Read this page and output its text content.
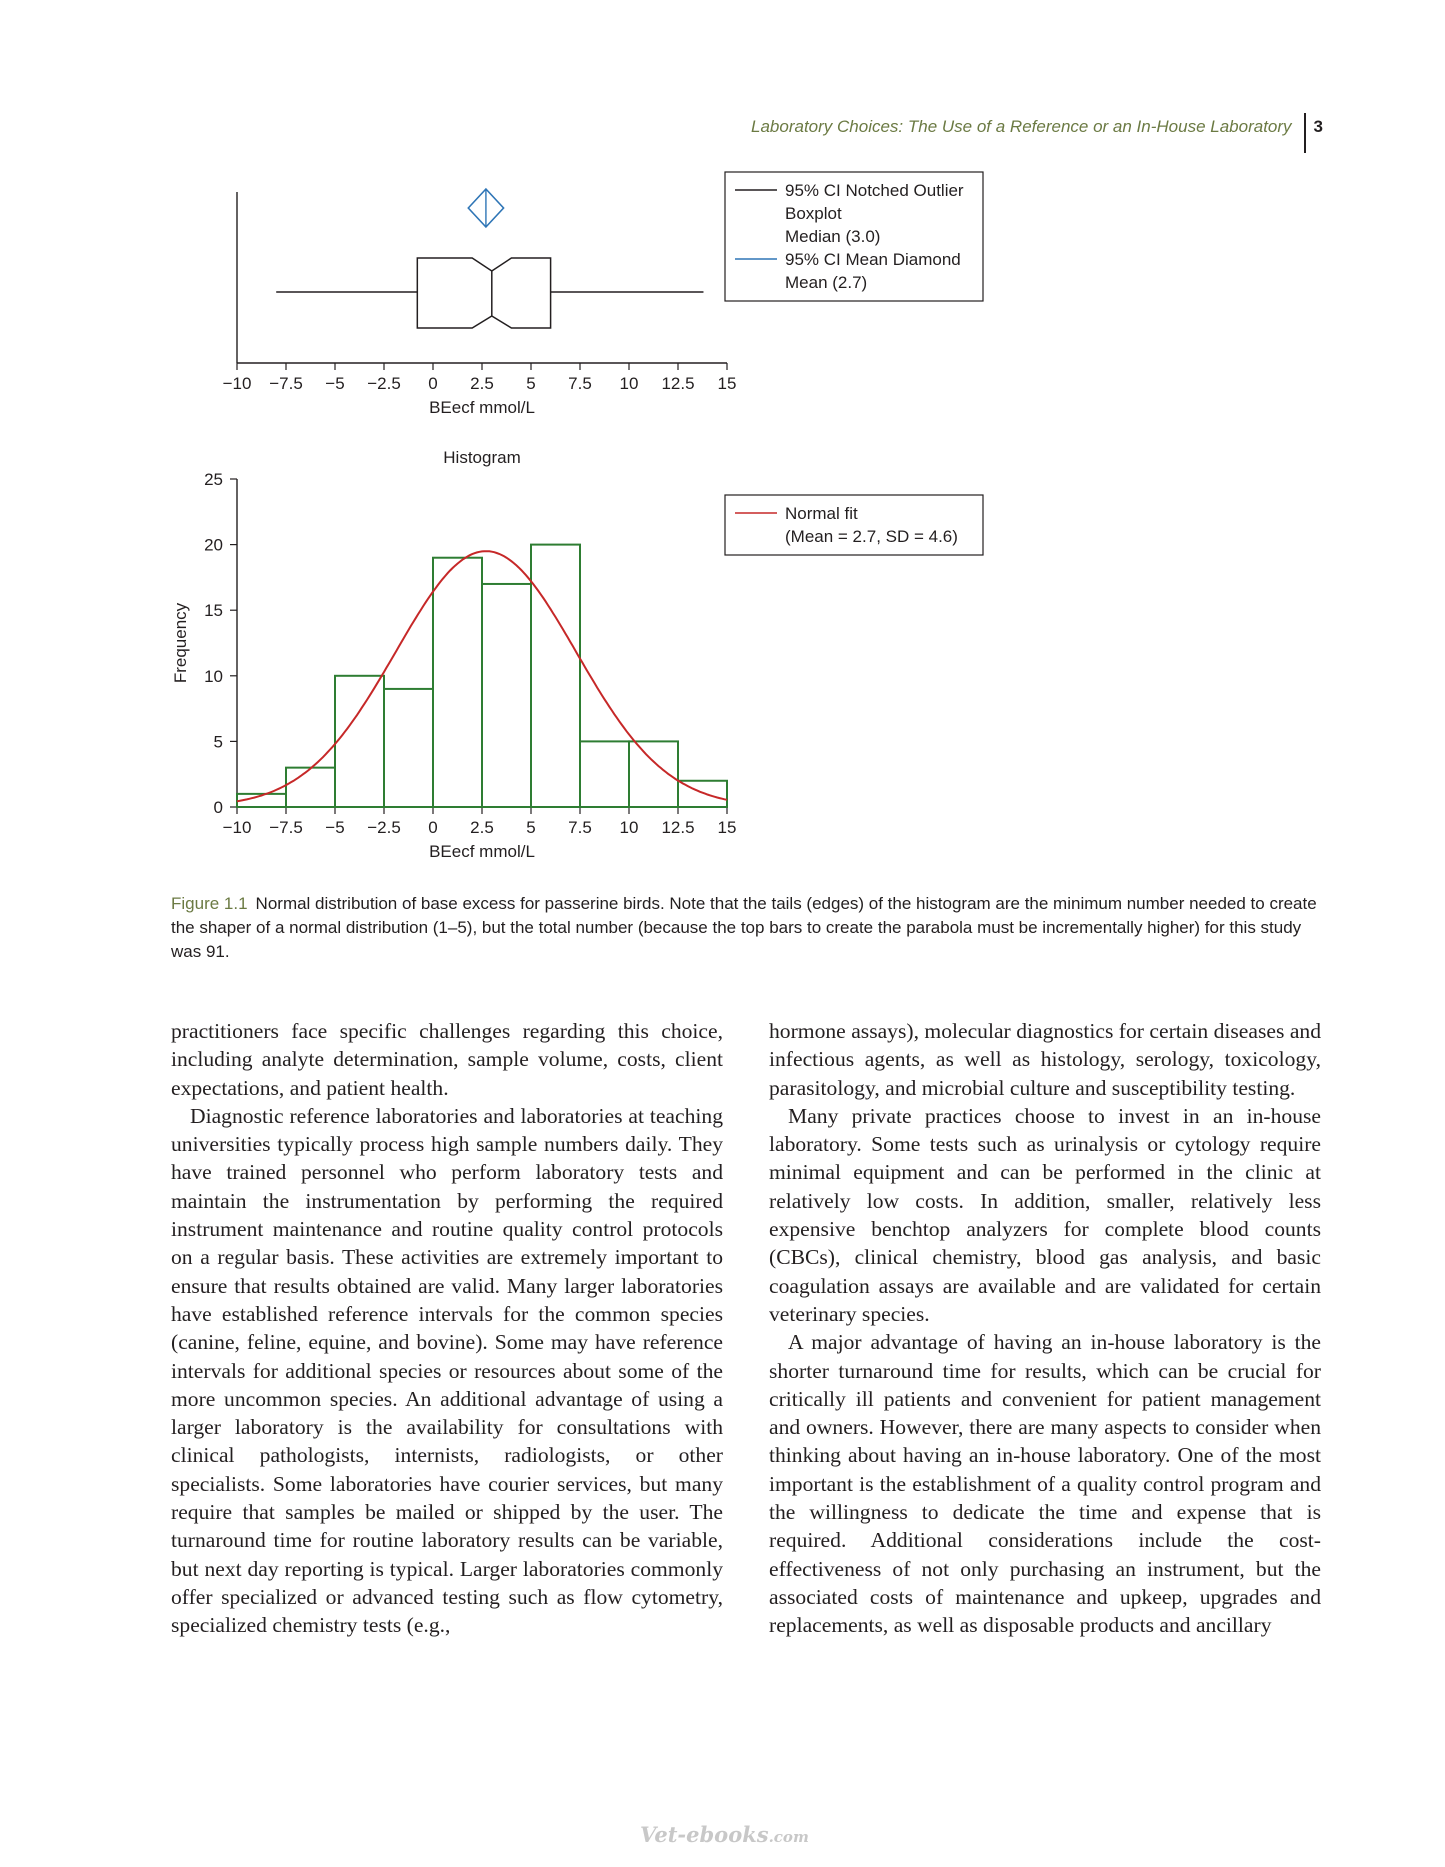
Laboratory Choices: The Use of a Reference or an In-House Laboratory	3
−10 −7.5 −5 −2.5 0 2.5 5 7.5 10 12.5 15
BEecf mmol/L
95% CI Notched Outlier
Boxplot
Median (3.0)
95% CI Mean Diamond
Mean (2.7)
Histogram
0
5
10
15
20
25
Frequency
−10 −7.5 −5 −2.5 0 2.5 5 7.5 10 12.5 15
BEecf mmol/L
Normal fit
(Mean = 2.7, SD = 4.6)
Figure 1.1 Normal distribution of base excess for passerine birds. Note that the tails (edges) of the histogram are the minimum number needed to create the shaper of a normal distribution (1–5), but the total number (because the top bars to create the parabola must be incrementally higher) for this study was 91.

practitioners face specific challenges regarding this choice, including analyte determination, sample volume, costs, client expectations, and patient health.

Diagnostic reference laboratories and laboratories at teaching universities typically process high sample numbers daily. They have trained personnel who perform laboratory tests and maintain the instrumentation by performing the required instrument maintenance and routine quality control protocols on a regular basis. These activities are extremely important to ensure that results obtained are valid. Many larger laboratories have established reference intervals for the common species (canine, feline, equine, and bovine). Some may have reference intervals for additional species or resources about some of the more uncommon species. An additional advantage of using a larger laboratory is the availability for consultations with clinical pathologists, internists, radiologists, or other specialists. Some laboratories have courier services, but many require that samples be mailed or shipped by the user. The turnaround time for routine laboratory results can be variable, but next day reporting is typical. Larger laboratories commonly offer specialized or advanced testing such as flow cytometry, specialized chemistry tests (e.g.,

hormone assays), molecular diagnostics for certain diseases and infectious agents, as well as histology, serology, toxicology, parasitology, and microbial culture and susceptibility testing.

Many private practices choose to invest in an in-house laboratory. Some tests such as urinalysis or cytology require minimal equipment and can be performed in the clinic at relatively low costs. In addition, smaller, relatively less expensive benchtop analyzers for complete blood counts (CBCs), clinical chemistry, blood gas analysis, and basic coagulation assays are available and are validated for certain veterinary species.

A major advantage of having an in-house laboratory is the shorter turnaround time for results, which can be crucial for critically ill patients and convenient for patient management and owners. However, there are many aspects to consider when thinking about having an in-house laboratory. One of the most important is the establishment of a quality control program and the willingness to dedicate the time and expense that is required. Additional considerations include the cost-effectiveness of not only purchasing an instrument, but the associated costs of maintenance and upkeep, upgrades and replacements, as well as disposable products and ancillary

Vet-ebooks.com
